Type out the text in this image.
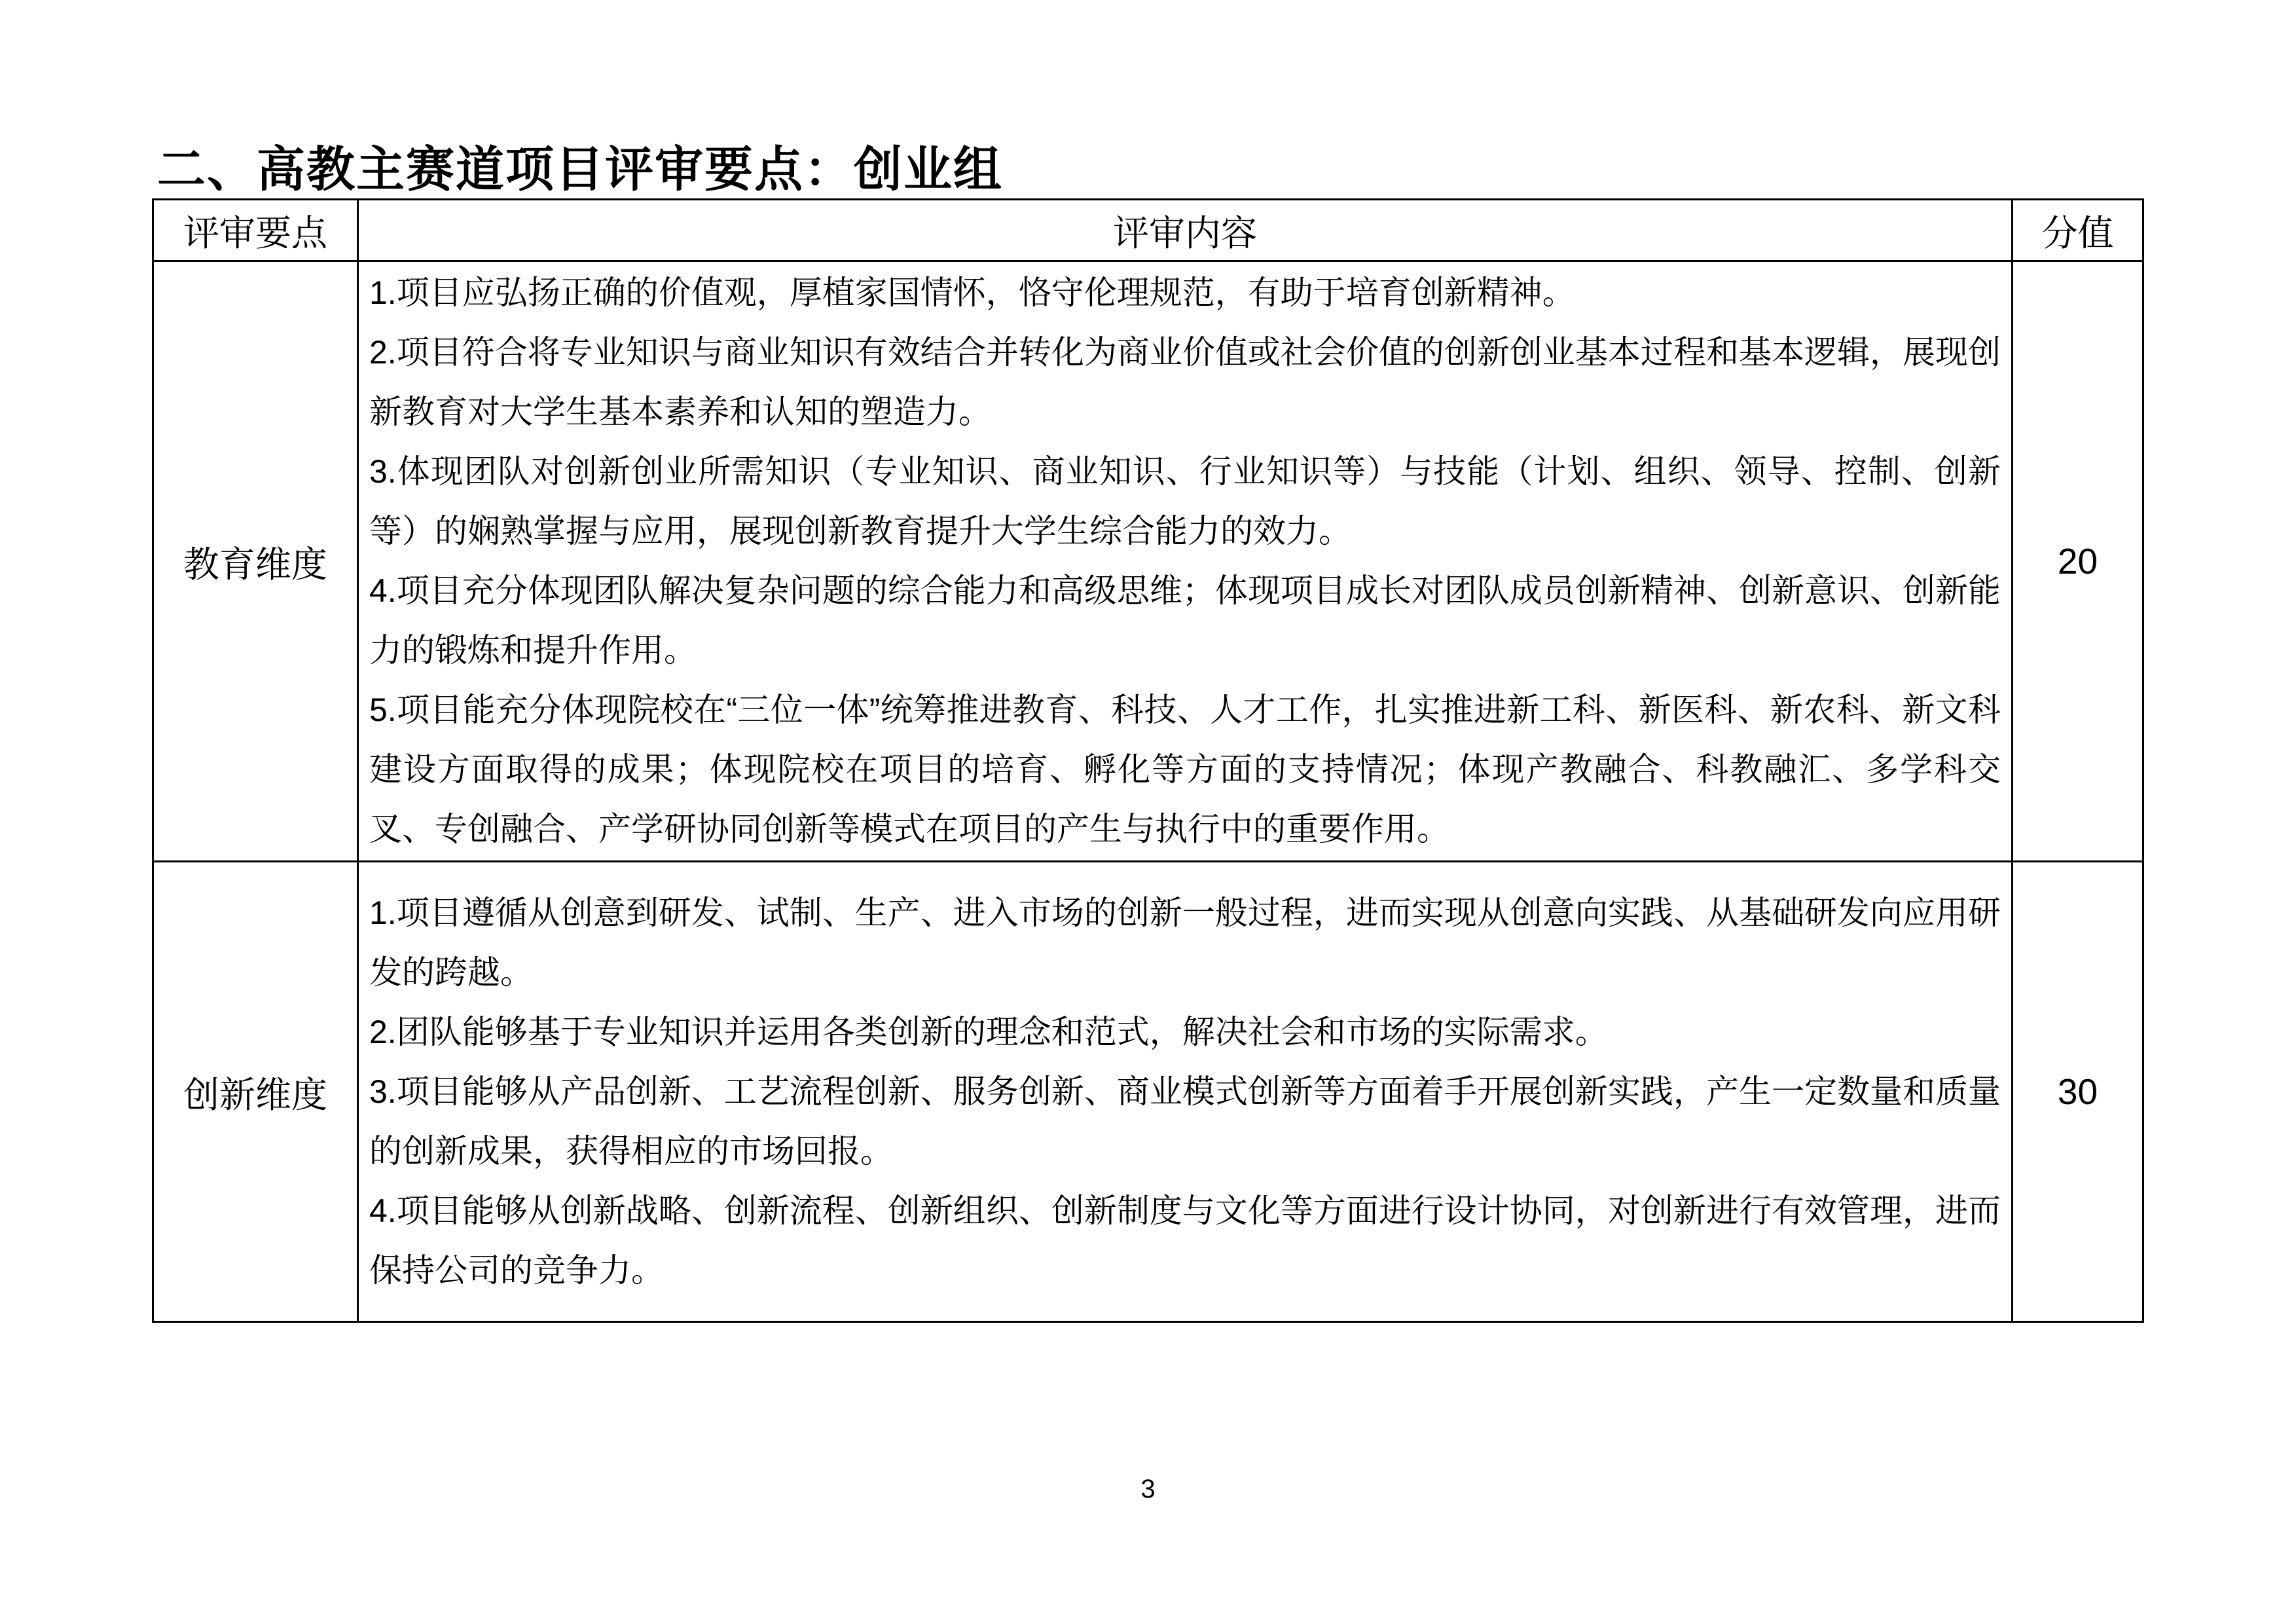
二、高教主赛道项目评审要点：创业组
评审要点	评审内容	分值
教育维度	1.项目应弘扬正确的价值观，厚植家国情怀，恪守伦理规范，有助于培育创新精神。

2.项目符合将专业知识与商业知识有效结合并转化为商业价值或社会价值的创新创业基本过程和基本逻辑，展现创新教育对大学生基本素养和认知的塑造力。

3.体现团队对创新创业所需知识（专业知识、商业知识、行业知识等）与技能（计划、组织、领导、控制、创新等）的娴熟掌握与应用，展现创新教育提升大学生综合能力的效力。

4.项目充分体现团队解决复杂问题的综合能力和高级思维；体现项目成长对团队成员创新精神、创新意识、创新能力的锻炼和提升作用。

5.项目能充分体现院校在“三位一体”统筹推进教育、科技、人才工作，扎实推进新工科、新医科、新农科、新文科建设方面取得的成果；体现院校在项目的培育、孵化等方面的支持情况；体现产教融合、科教融汇、多学科交叉、专创融合、产学研协同创新等模式在项目的产生与执行中的重要作用。	20
创新维度	1.项目遵循从创意到研发、试制、生产、进入市场的创新一般过程，进而实现从创意向实践、从基础研发向应用研发的跨越。

2.团队能够基于专业知识并运用各类创新的理念和范式，解决社会和市场的实际需求。

3.项目能够从产品创新、工艺流程创新、服务创新、商业模式创新等方面着手开展创新实践，产生一定数量和质量的创新成果，获得相应的市场回报。

4.项目能够从创新战略、创新流程、创新组织、创新制度与文化等方面进行设计协同，对创新进行有效管理，进而保持公司的竞争力。	30
3
